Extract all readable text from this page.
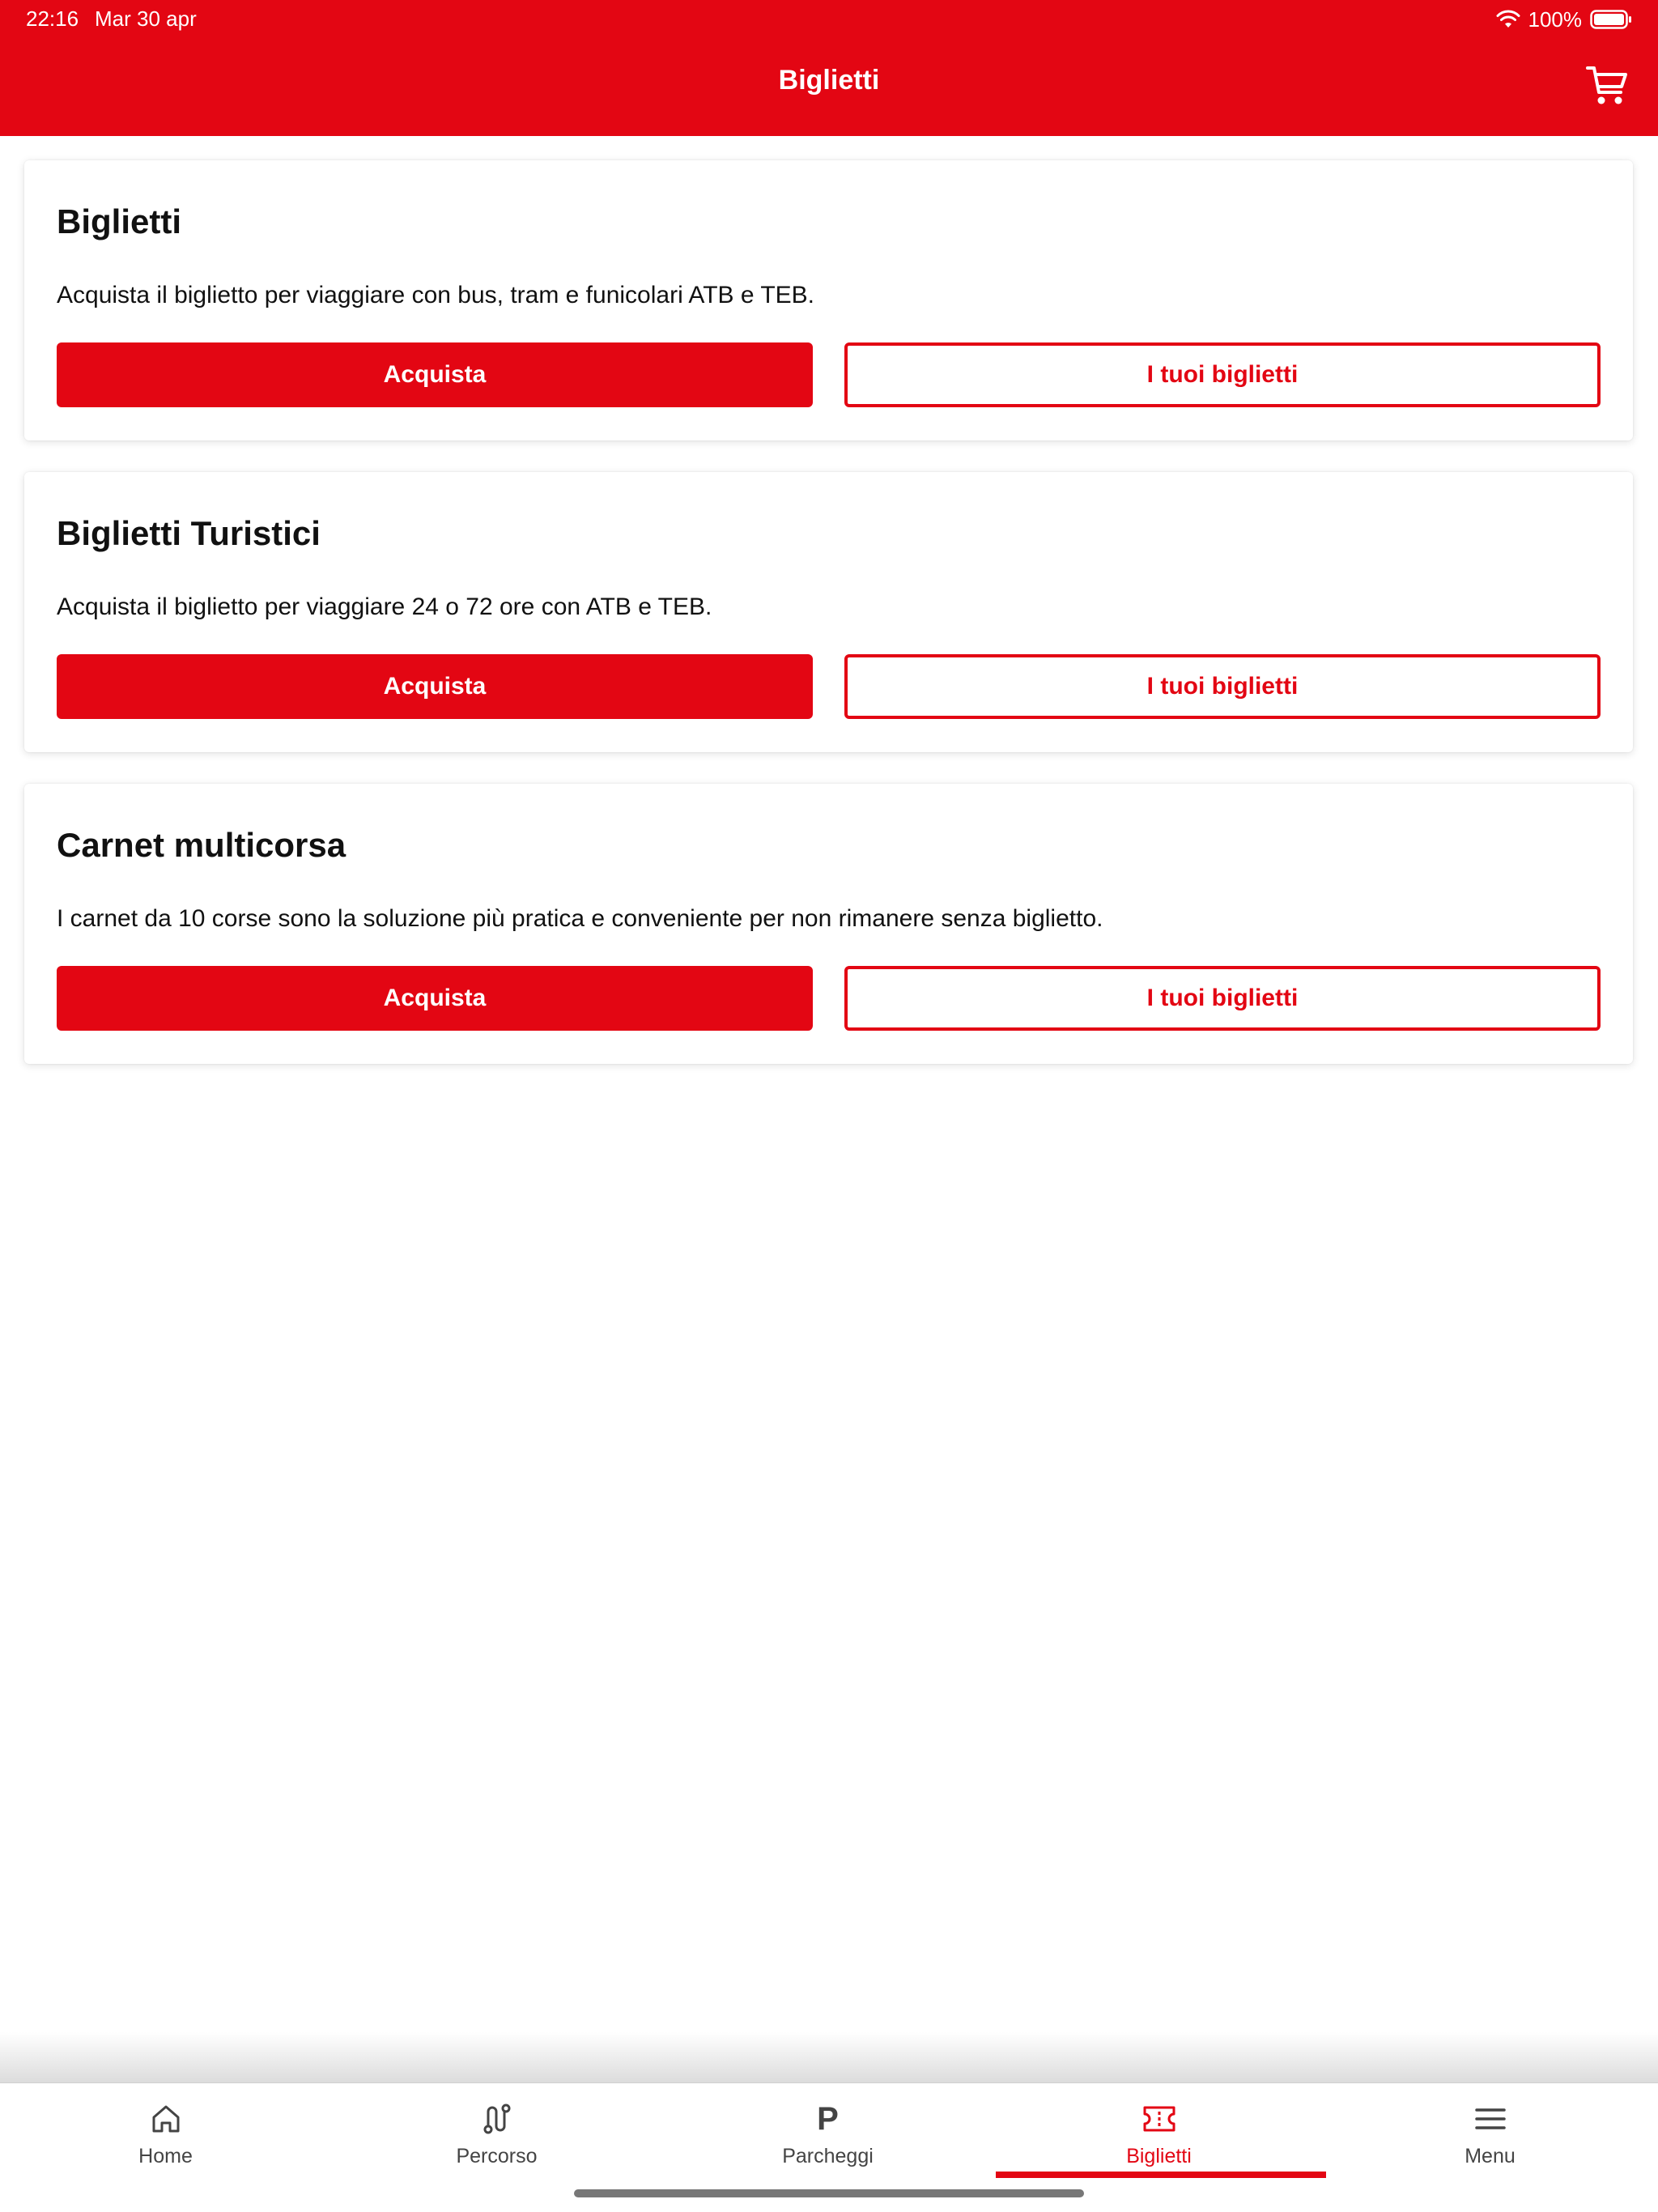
22:16 Mar 30 apr	100%
Biglietti
Biglietti
Acquista il biglietto per viaggiare con bus, tram e funicolari ATB e TEB.
Acquista	I tuoi biglietti
Biglietti Turistici
Acquista il biglietto per viaggiare 24 o 72 ore con ATB e TEB.
Acquista	I tuoi biglietti
Carnet multicorsa
I carnet da 10 corse sono la soluzione più pratica e conveniente per non rimanere senza biglietto.
Acquista	I tuoi biglietti
Home	Percorso
P
Parcheggi	Biglietti	Menu
